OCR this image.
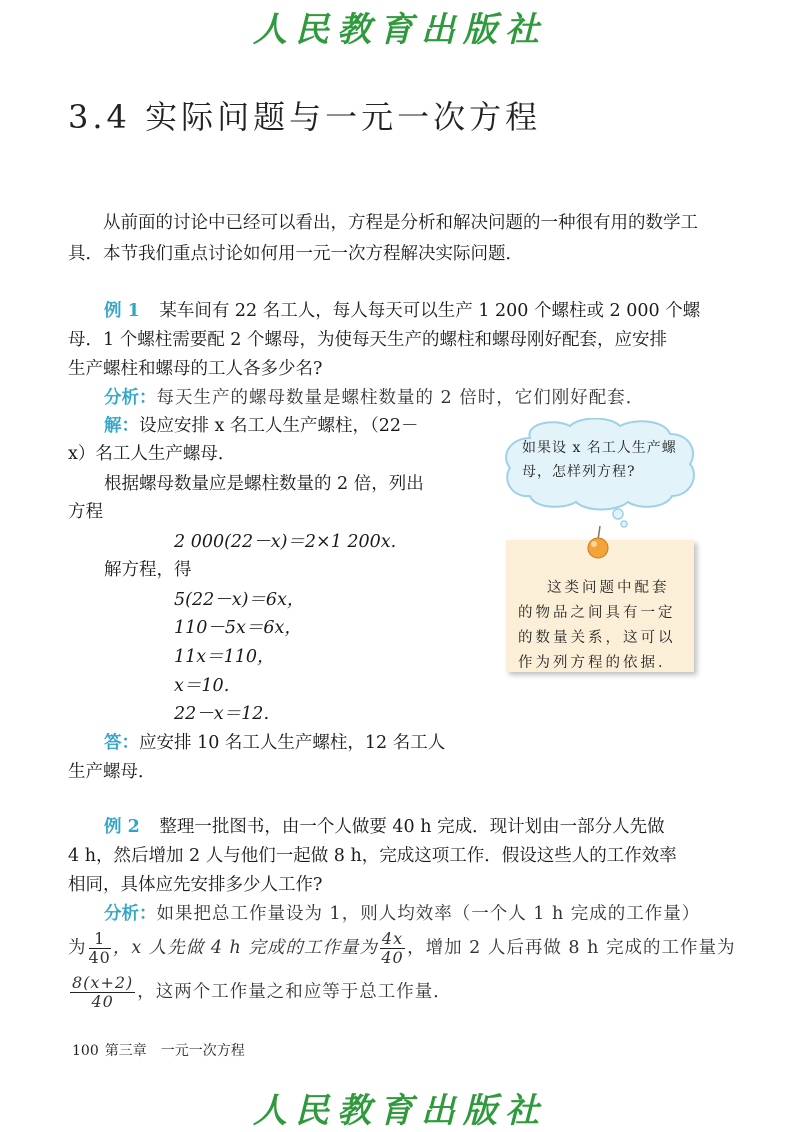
人民教育出版社
3.4 实际问题与一元一次方程
从前面的讨论中已经可以看出，方程是分析和解决问题的一种很有用的数学工具．本节我们重点讨论如何用一元一次方程解决实际问题．
例 1 某车间有 22 名工人，每人每天可以生产 1 200 个螺柱或 2 000 个螺
母．1 个螺柱需要配 2 个螺母，为使每天生产的螺柱和螺母刚好配套，应安排
生产螺柱和螺母的工人各多少名?
分析：每天生产的螺母数量是螺柱数量的 2 倍时，它们刚好配套．
解：设应安排 x 名工人生产螺柱，（22－
x）名工人生产螺母．
根据螺母数量应是螺柱数量的 2 倍，列出
方程
2 000(22－x)＝2×1 200x.
解方程，得
5(22－x)＝6x，
110－5x＝6x，
11x＝110，
x＝10．
22－x＝12．
答：应安排 10 名工人生产螺柱，12 名工人
生产螺母．
如果设 x 名工人生产螺母，怎样列方程?
这类问题中配套的物品之间具有一定的数量关系，这可以作为列方程的依据．
例 2 整理一批图书，由一个人做要 40 h 完成．现计划由一部分人先做
4 h，然后增加 2 人与他们一起做 8 h，完成这项工作．假设这些人的工作效率
相同，具体应先安排多少人工作?
分析：如果把总工作量设为 1，则人均效率（一个人 1 h 完成的工作量）
为 $\frac{1}{40}$ ，x 人先做 4 h 完成的工作量为 $\frac{4x}{40}$ ，增加 2 人后再做 8 h 完成的工作量为
$\frac{8(x+2)}{40}$ ，这两个工作量之和应等于总工作量．
100 第三章　一元一次方程
人民教育出版社
